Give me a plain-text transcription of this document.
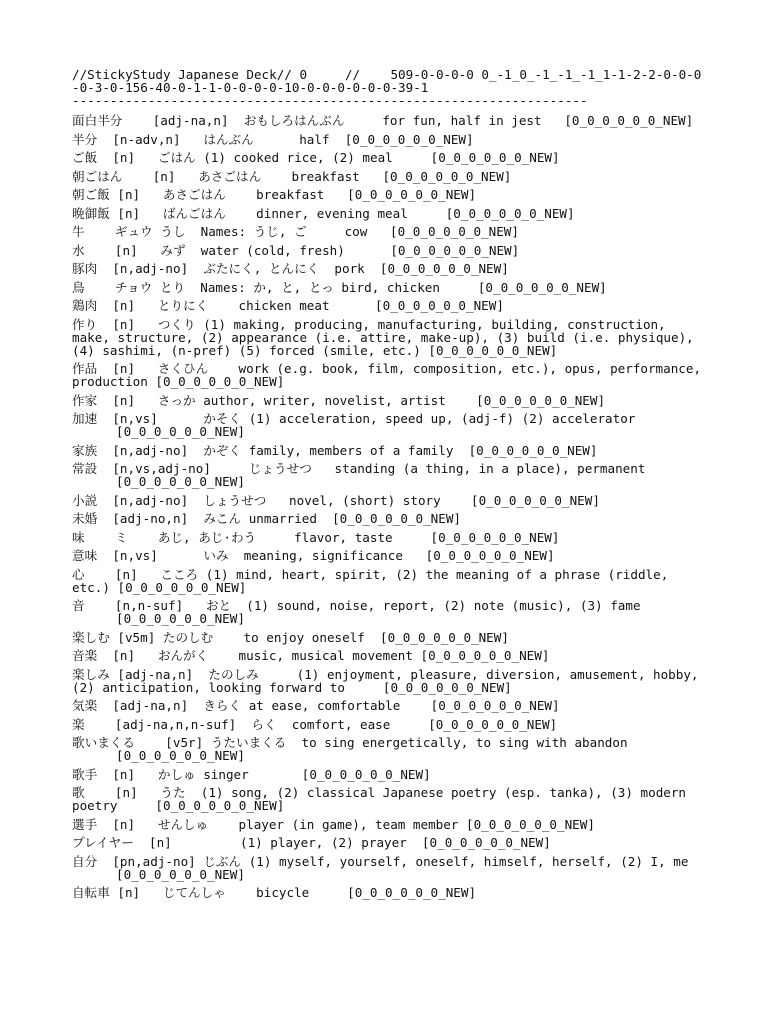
//StickyStudy Japanese Deck// 0     //    509-0-0-0-0 0_-1_0_-1_-1_-1_1-1-2-2-0-0-0-0-3-0-156-40-0-1-1-0-0-0-0-10-0-0-0-0-0-0-39-1
--------------------------------------------------------------------
面白半分    [adj-na,n]  おもしろはんぶん     for fun, half in jest   [0_0_0_0_0_0_NEW]
半分  [n-adv,n]   はんぶん      half  [0_0_0_0_0_0_NEW]
ご飯  [n]   ごはん (1) cooked rice, (2) meal     [0_0_0_0_0_0_NEW]
朝ごはん    [n]   あさごはん    breakfast   [0_0_0_0_0_0_NEW]
朝ご飯 [n]   あさごはん    breakfast   [0_0_0_0_0_0_NEW]
晩御飯 [n]   ばんごはん    dinner, evening meal     [0_0_0_0_0_0_NEW]
牛    ギュウ うし  Names: うじ, ご     cow   [0_0_0_0_0_0_NEW]
水    [n]   みず  water (cold, fresh)      [0_0_0_0_0_0_NEW]
豚肉  [n,adj-no]  ぶたにく, とんにく  pork  [0_0_0_0_0_0_NEW]
鳥    チョウ とり  Names: か, と, とっ bird, chicken     [0_0_0_0_0_0_NEW]
鶏肉  [n]   とりにく    chicken meat      [0_0_0_0_0_0_NEW]
作り  [n]   つくり (1) making, producing, manufacturing, building, construction, make, structure, (2) appearance (i.e. attire, make-up), (3) build (i.e. physique), (4) sashimi, (n-pref) (5) forced (smile, etc.) [0_0_0_0_0_0_NEW]
作品  [n]   さくひん    work (e.g. book, film, composition, etc.), opus, performance, production [0_0_0_0_0_0_NEW]
作家  [n]   さっか author, writer, novelist, artist    [0_0_0_0_0_0_NEW]
加速  [n,vs]      かそく (1) acceleration, speed up, (adj-f) (2) accelerator
[0_0_0_0_0_0_NEW]
家族  [n,adj-no]  かぞく family, members of a family  [0_0_0_0_0_0_NEW]
常設  [n,vs,adj-no]     じょうせつ   standing (a thing, in a place), permanent
[0_0_0_0_0_0_NEW]
小説  [n,adj-no]  しょうせつ   novel, (short) story    [0_0_0_0_0_0_NEW]
未婚  [adj-no,n]  みこん unmarried  [0_0_0_0_0_0_NEW]
味    ミ    あじ, あじ·わう     flavor, taste     [0_0_0_0_0_0_NEW]
意味  [n,vs]      いみ  meaning, significance   [0_0_0_0_0_0_NEW]
心    [n]   こころ (1) mind, heart, spirit, (2) the meaning of a phrase (riddle, etc.) [0_0_0_0_0_0_NEW]
音    [n,n-suf]   おと  (1) sound, noise, report, (2) note (music), (3) fame
[0_0_0_0_0_0_NEW]
楽しむ [v5m] たのしむ    to enjoy oneself  [0_0_0_0_0_0_NEW]
音楽  [n]   おんがく    music, musical movement [0_0_0_0_0_0_NEW]
楽しみ [adj-na,n]  たのしみ     (1) enjoyment, pleasure, diversion, amusement, hobby, (2) anticipation, looking forward to     [0_0_0_0_0_0_NEW]
気楽  [adj-na,n]  きらく at ease, comfortable    [0_0_0_0_0_0_NEW]
楽    [adj-na,n,n-suf]  らく  comfort, ease     [0_0_0_0_0_0_NEW]
歌いまくる    [v5r] うたいまくる  to sing energetically, to sing with abandon
[0_0_0_0_0_0_NEW]
歌手  [n]   かしゅ singer       [0_0_0_0_0_0_NEW]
歌    [n]   うた  (1) song, (2) classical Japanese poetry (esp. tanka), (3) modern poetry     [0_0_0_0_0_0_NEW]
選手  [n]   せんしゅ    player (in game), team member [0_0_0_0_0_0_NEW]
プレイヤー  [n]         (1) player, (2) prayer  [0_0_0_0_0_0_NEW]
自分  [pn,adj-no] じぶん (1) myself, yourself, oneself, himself, herself, (2) I, me
[0_0_0_0_0_0_NEW]
自転車 [n]   じてんしゃ    bicycle     [0_0_0_0_0_0_NEW]
